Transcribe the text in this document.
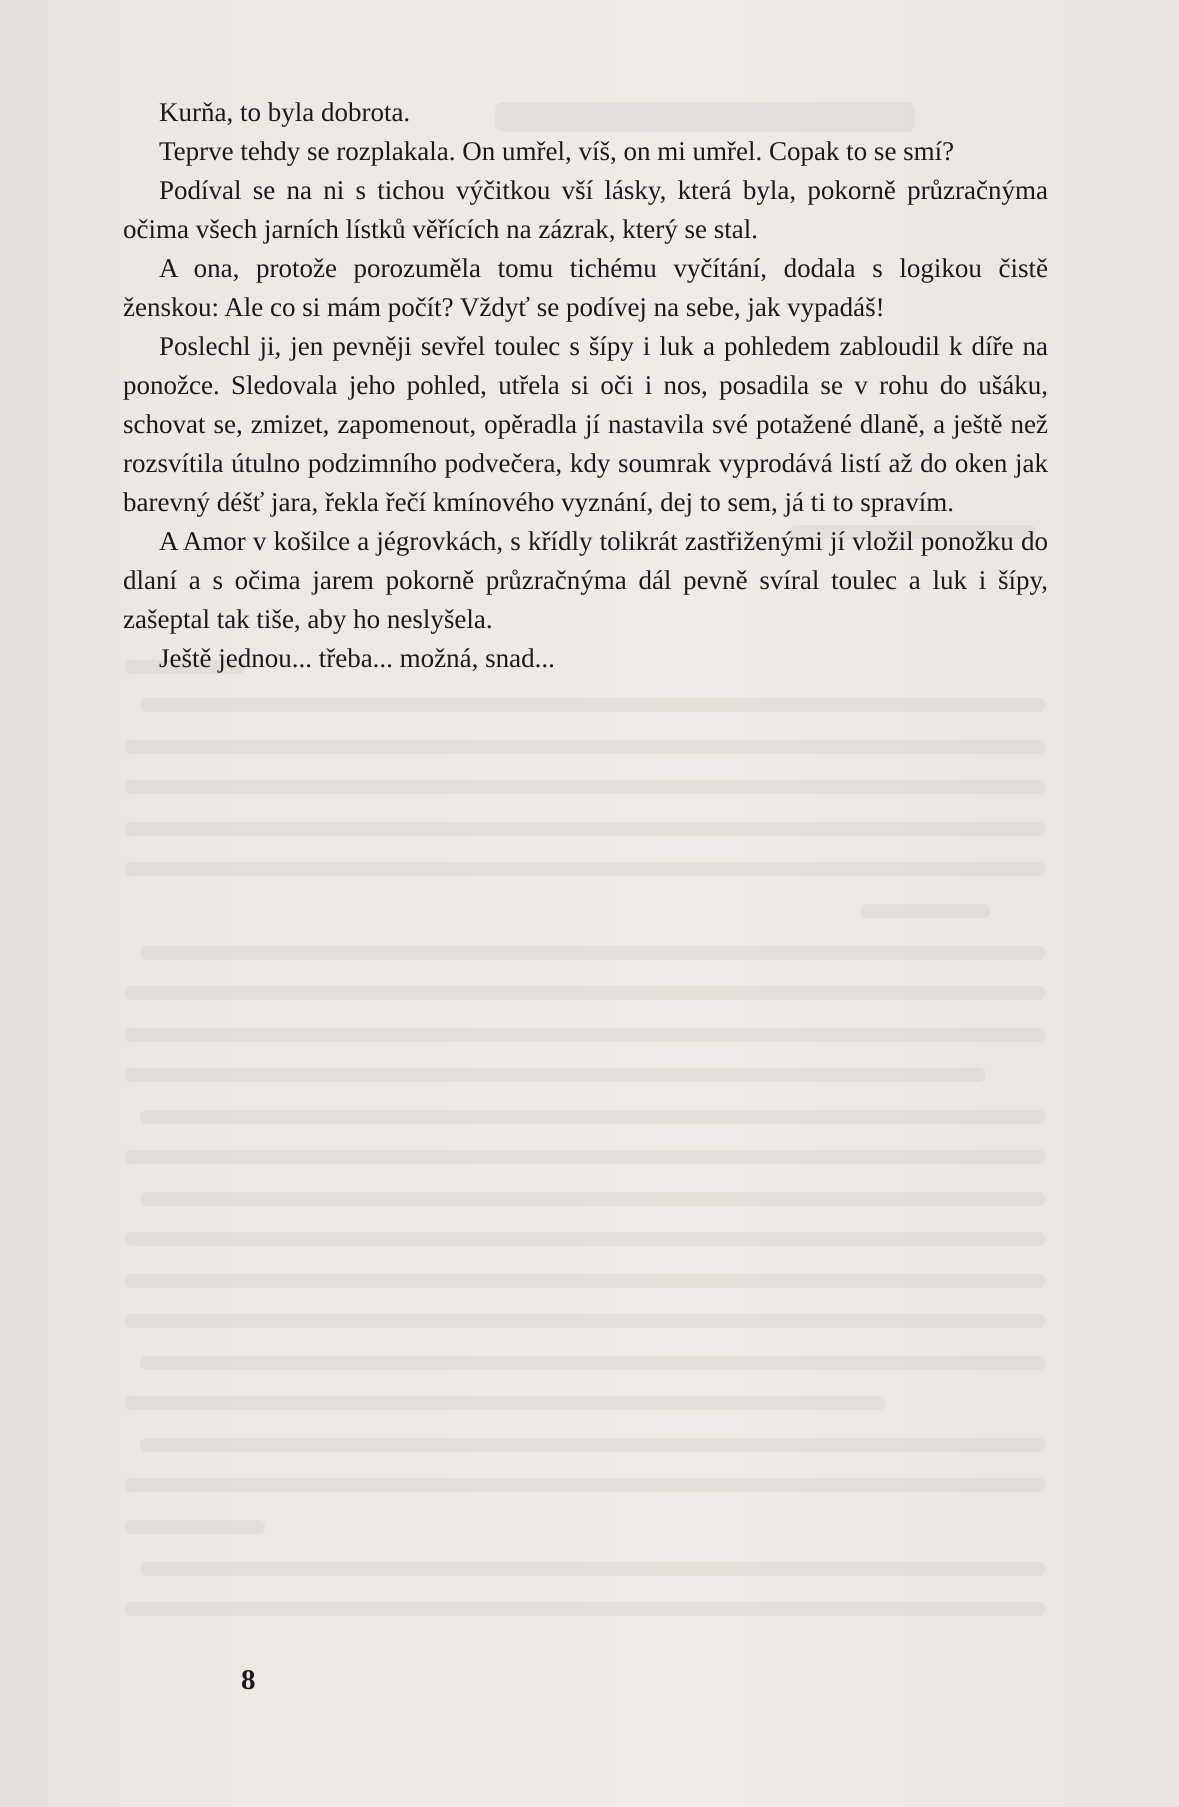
Kurňa, to byla dobrota.

Teprve tehdy se rozplakala. On umřel, víš, on mi umřel. Copak to se smí?

Podíval se na ni s tichou výčitkou vší lásky, která byla, pokorně průzračnýma očima všech jarních lístků věřících na zázrak, který se stal.

A ona, protože porozuměla tomu tichému vyčítání, dodala s logikou čistě ženskou: Ale co si mám počít? Vždyť se podívej na sebe, jak vypadáš!

Poslechl ji, jen pevněji sevřel toulec s šípy i luk a pohledem zabloudil k díře na ponožce. Sledovala jeho pohled, utřela si oči i nos, posadila se v rohu do ušáku, schovat se, zmizet, zapomenout, opěradla jí nastavila své potažené dlaně, a ještě než rozsvítila útulno podzimního podvečera, kdy soumrak vyprodává listí až do oken jak barevný déšť jara, řekla řečí kmínového vyznání, dej to sem, já ti to spravím.

A Amor v košilce a jégrovkách, s křídly tolikrát zastřiženými jí vložil ponožku do dlaní a s očima jarem pokorně průzračnýma dál pevně svíral toulec a luk i šípy, zašeptal tak tiše, aby ho neslyšela.

Ještě jednou... třeba... možná, snad...

8
